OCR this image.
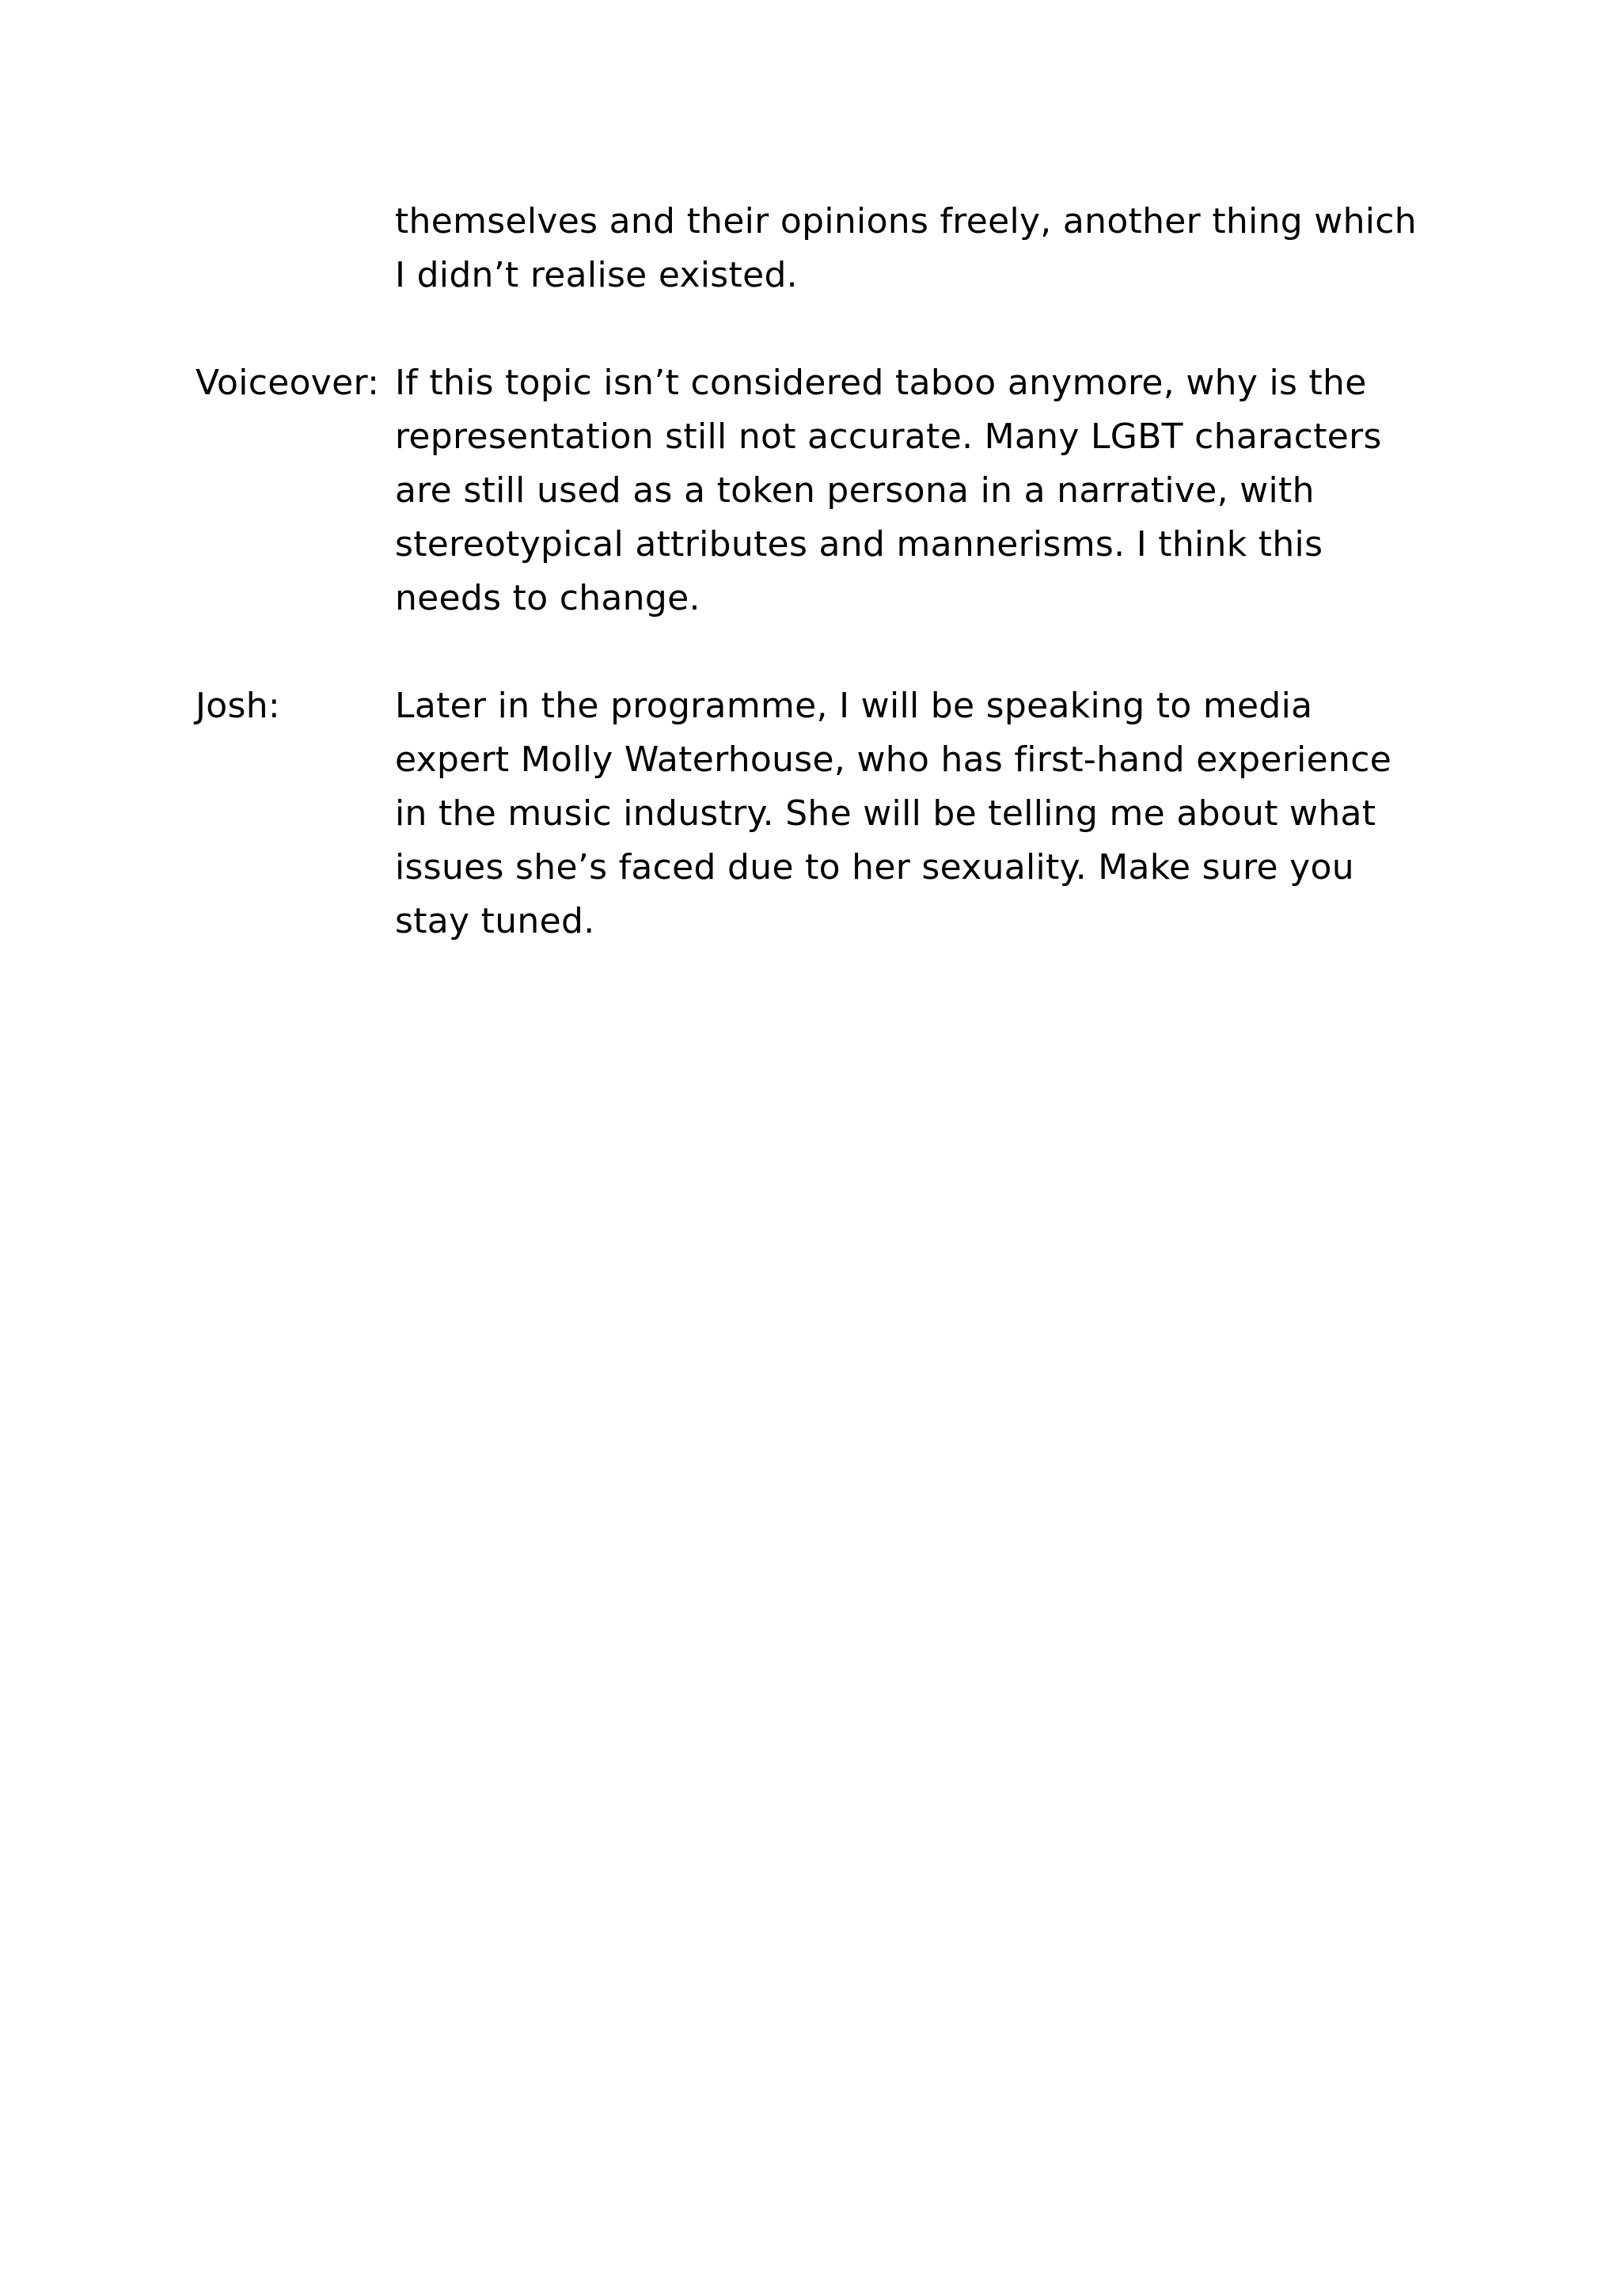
themselves and their opinions freely, another thing which
I didn’t realise existed.
Voiceover: If this topic isn’t considered taboo anymore, why is the
representation still not accurate. Many LGBT characters
are still used as a token persona in a narrative, with
stereotypical attributes and mannerisms. I think this
needs to change.
Josh:	Later in the programme, I will be speaking to media
expert Molly Waterhouse, who has first-hand experience
in the music industry. She will be telling me about what
issues she’s faced due to her sexuality. Make sure you
stay tuned.
